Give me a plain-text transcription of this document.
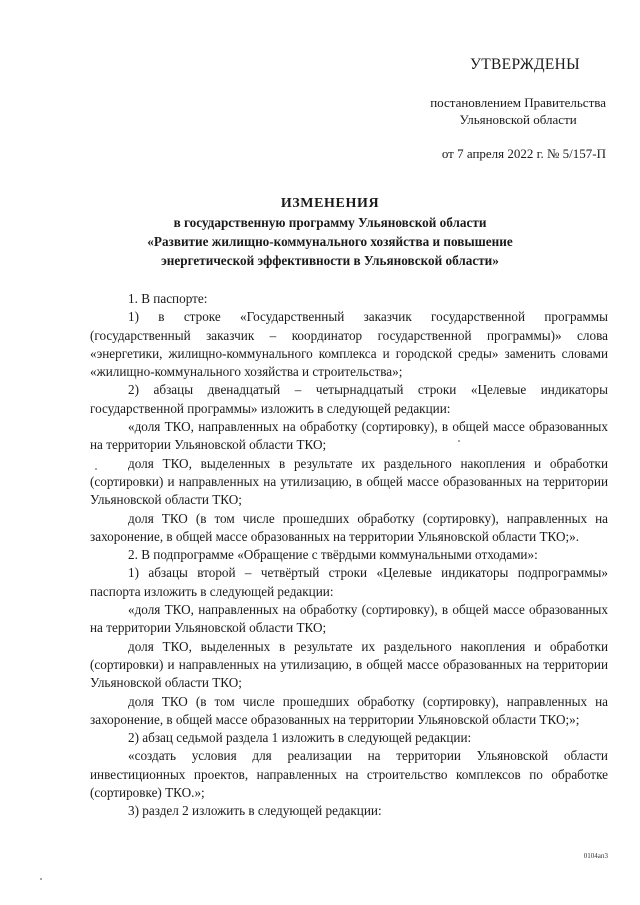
УТВЕРЖДЕНЫ
постановлением Правительства
Ульяновской области
от 7 апреля 2022 г. № 5/157-П
ИЗМЕНЕНИЯ
в государственную программу Ульяновской области
«Развитие жилищно-коммунального хозяйства и повышение
энергетической эффективности в Ульяновской области»

1. В паспорте:

1) в строке «Государственный заказчик государственной программы (государственный заказчик – координатор государственной программы)» слова «энергетики, жилищно-коммунального комплекса и городской среды» заменить словами «жилищно-коммунального хозяйства и строительства»;

2) абзацы двенадцатый – четырнадцатый строки «Целевые индикаторы государственной программы» изложить в следующей редакции:

«доля ТКО, направленных на обработку (сортировку), в общей массе образованных на территории Ульяновской области ТКО;

доля ТКО, выделенных в результате их раздельного накопления и обработки (сортировки) и направленных на утилизацию, в общей массе образованных на территории Ульяновской области ТКО;

доля ТКО (в том числе прошедших обработку (сортировку), направленных на захоронение, в общей массе образованных на территории Ульяновской области ТКО;».

2. В подпрограмме «Обращение с твёрдыми коммунальными отходами»:

1) абзацы второй – четвёртый строки «Целевые индикаторы подпрограммы» паспорта изложить в следующей редакции:

«доля ТКО, направленных на обработку (сортировку), в общей массе образованных на территории Ульяновской области ТКО;

доля ТКО, выделенных в результате их раздельного накопления и обработки (сортировки) и направленных на утилизацию, в общей массе образованных на территории Ульяновской области ТКО;

доля ТКО (в том числе прошедших обработку (сортировку), направленных на захоронение, в общей массе образованных на территории Ульяновской области ТКО;»;

2) абзац седьмой раздела 1 изложить в следующей редакции:

«создать условия для реализации на территории Ульяновской области инвестиционных проектов, направленных на строительство комплексов по обработке (сортировке) ТКО.»;

3) раздел 2 изложить в следующей редакции:

0104ап3
